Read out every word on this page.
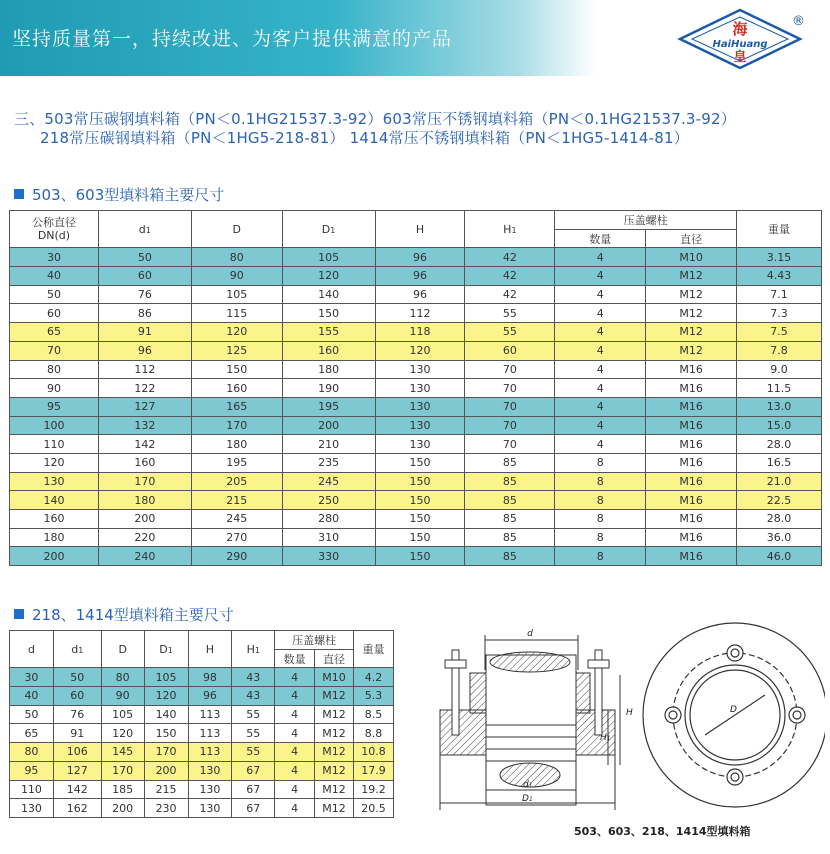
坚持质量第一，持续改进、为客户提供满意的产品	海
HaiHuang
皇
®
三、503常压碳钢填料箱（PN＜0.1HG21537.3-92）603常压不锈钢填料箱（PN＜0.1HG21537.3-92）
218常压碳钢填料箱（PN＜1HG5-218-81） 1414常压不锈钢填料箱（PN＜1HG5-1414-81）
503、603型填料箱主要尺寸
公称直径
DN(d)	d1	D	D1	H	H1	压盖螺柱		重量
						数量	直径	
30	50	80	105	96	42	4	M10	3.15
40	60	90	120	96	42	4	M12	4.43
50	76	105	140	96	42	4	M12	7.1
60	86	115	150	112	55	4	M12	7.3
65	91	120	155	118	55	4	M12	7.5
70	96	125	160	120	60	4	M12	7.8
80	112	150	180	130	70	4	M16	9.0
90	122	160	190	130	70	4	M16	11.5
95	127	165	195	130	70	4	M16	13.0
100	132	170	200	130	70	4	M16	15.0
110	142	180	210	130	70	4	M16	28.0
120	160	195	235	150	85	8	M16	16.5
130	170	205	245	150	85	8	M16	21.0
140	180	215	250	150	85	8	M16	22.5
160	200	245	280	150	85	8	M16	28.0
180	220	270	310	150	85	8	M16	36.0
200	240	290	330	150	85	8	M16	46.0
218、1414型填料箱主要尺寸
d	d1	D	D1	H	H1	压盖螺柱		重量
						数量	直径	
30	50	80	105	98	43	4	M10	4.2
40	60	90	120	96	43	4	M12	5.3
50	76	105	140	113	55	4	M12	8.5
65	91	120	150	113	55	4	M12	8.8
80	106	145	170	113	55	4	M12	10.8
95	127	170	200	130	67	4	M12	17.9
110	142	185	215	130	67	4	M12	19.2
130	162	200	230	130	67	4	M12	20.5
d
d1
D1
H
H1
D
503、603、218、1414型填料箱
